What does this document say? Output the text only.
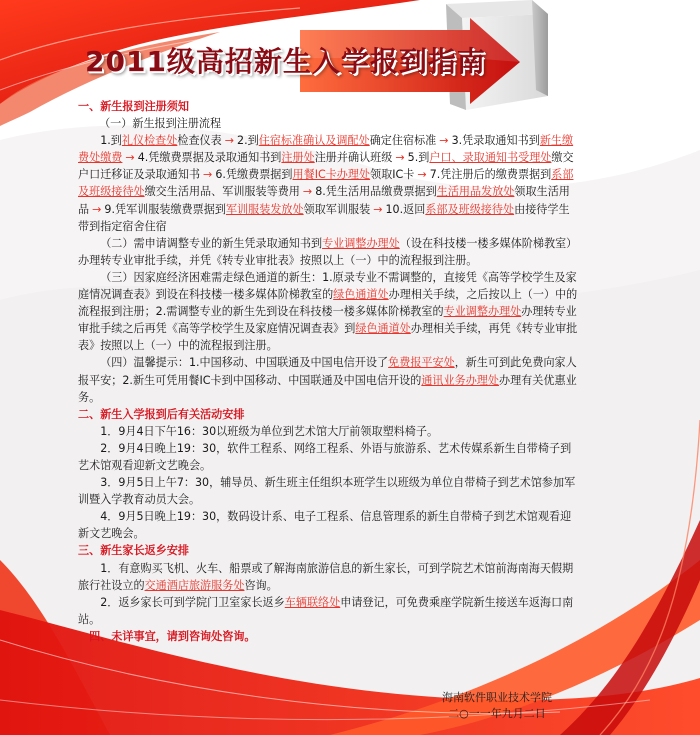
2011级高招新生入学报到指南

一、新生报到注册须知

（一）新生报到注册流程

1.到礼仪检查处检查仪表 → 2.到住宿标准确认及调配处确定住宿标准 → 3.凭录取通知书到新生缴费处缴费 → 4.凭缴费票据及录取通知书到注册处注册并确认班级 → 5.到户口、录取通知书受理处缴交户口迁移证及录取通知书 → 6.凭缴费票据到用餐IC卡办理处领取IC卡 → 7.凭注册后的缴费票据到系部及班级接待处缴交生活用品、军训服装等费用 → 8.凭生活用品缴费票据到生活用品发放处领取生活用品 → 9.凭军训服装缴费票据到军训服装发放处领取军训服装 → 10.返回系部及班级接待处由接待学生带到指定宿舍住宿

（二）需申请调整专业的新生凭录取通知书到专业调整办理处（设在科技楼一楼多媒体阶梯教室）办理转专业审批手续，并凭《转专业审批表》按照以上（一）中的流程报到注册。

（三）因家庭经济困难需走绿色通道的新生：1.原录专业不需调整的，直接凭《高等学校学生及家庭情况调查表》到设在科技楼一楼多媒体阶梯教室的绿色通道处办理相关手续，之后按以上（一）中的流程报到注册；2.需调整专业的新生先到设在科技楼一楼多媒体阶梯教室的专业调整办理处办理转专业审批手续之后再凭《高等学校学生及家庭情况调查表》到绿色通道处办理相关手续，再凭《转专业审批表》按照以上（一）中的流程报到注册。

（四）温馨提示：1.中国移动、中国联通及中国电信开设了免费报平安处，新生可到此免费向家人报平安；2.新生可凭用餐IC卡到中国移动、中国联通及中国电信开设的通讯业务办理处办理有关优惠业务。

二、新生入学报到后有关活动安排

1．9月4日下午16：30以班级为单位到艺术馆大厅前领取塑料椅子。

2．9月4日晚上19：30，软件工程系、网络工程系、外语与旅游系、艺术传媒系新生自带椅子到艺术馆观看迎新文艺晚会。

3．9月5日上午7：30，辅导员、新生班主任组织本班学生以班级为单位自带椅子到艺术馆参加军训暨入学教育动员大会。

4．9月5日晚上19：30，数码设计系、电子工程系、信息管理系的新生自带椅子到艺术馆观看迎新文艺晚会。

三、新生家长返乡安排

1．有意购买飞机、火车、船票或了解海南旅游信息的新生家长，可到学院艺术馆前海南海天假期旅行社设立的交通酒店旅游服务处咨询。

2．返乡家长可到学院门卫室家长返乡车辆联络处申请登记，可免费乘座学院新生接送车返海口南站。

四、未详事宜，请到咨询处咨询。

海南软件职业技术学院
二○一一年九月二日
